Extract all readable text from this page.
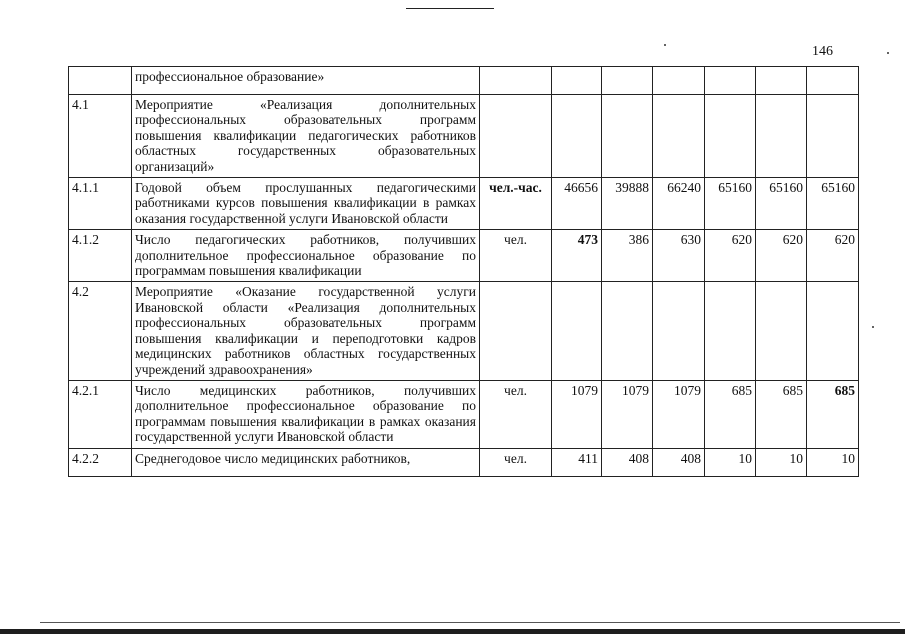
146
	профессиональное образование»							
4.1	Мероприятие «Реализация дополнительных профессиональных образовательных программ повышения квалификации педагогических работников областных государственных образовательных организаций»							
4.1.1	Годовой объем прослушанных педагогическими работниками курсов повышения квалификации в рамках оказания государственной услуги Ивановской области	чел.-час.	46656	39888	66240	65160	65160	65160
4.1.2	Число педагогических работников, получивших дополнительное профессиональное образование по программам повышения квалификации	чел.	473	386	630	620	620	620
4.2	Мероприятие «Оказание государственной услуги Ивановской области «Реализация дополнительных профессиональных образовательных программ повышения квалификации и переподготовки кадров медицинских работников областных государственных учреждений здравоохранения»							
4.2.1	Число медицинских работников, получивших дополнительное профессиональное образование по программам повышения квалификации в рамках оказания государственной услуги Ивановской области	чел.	1079	1079	1079	685	685	685
4.2.2	Среднегодовое число медицинских работников,	чел.	411	408	408	10	10	10
